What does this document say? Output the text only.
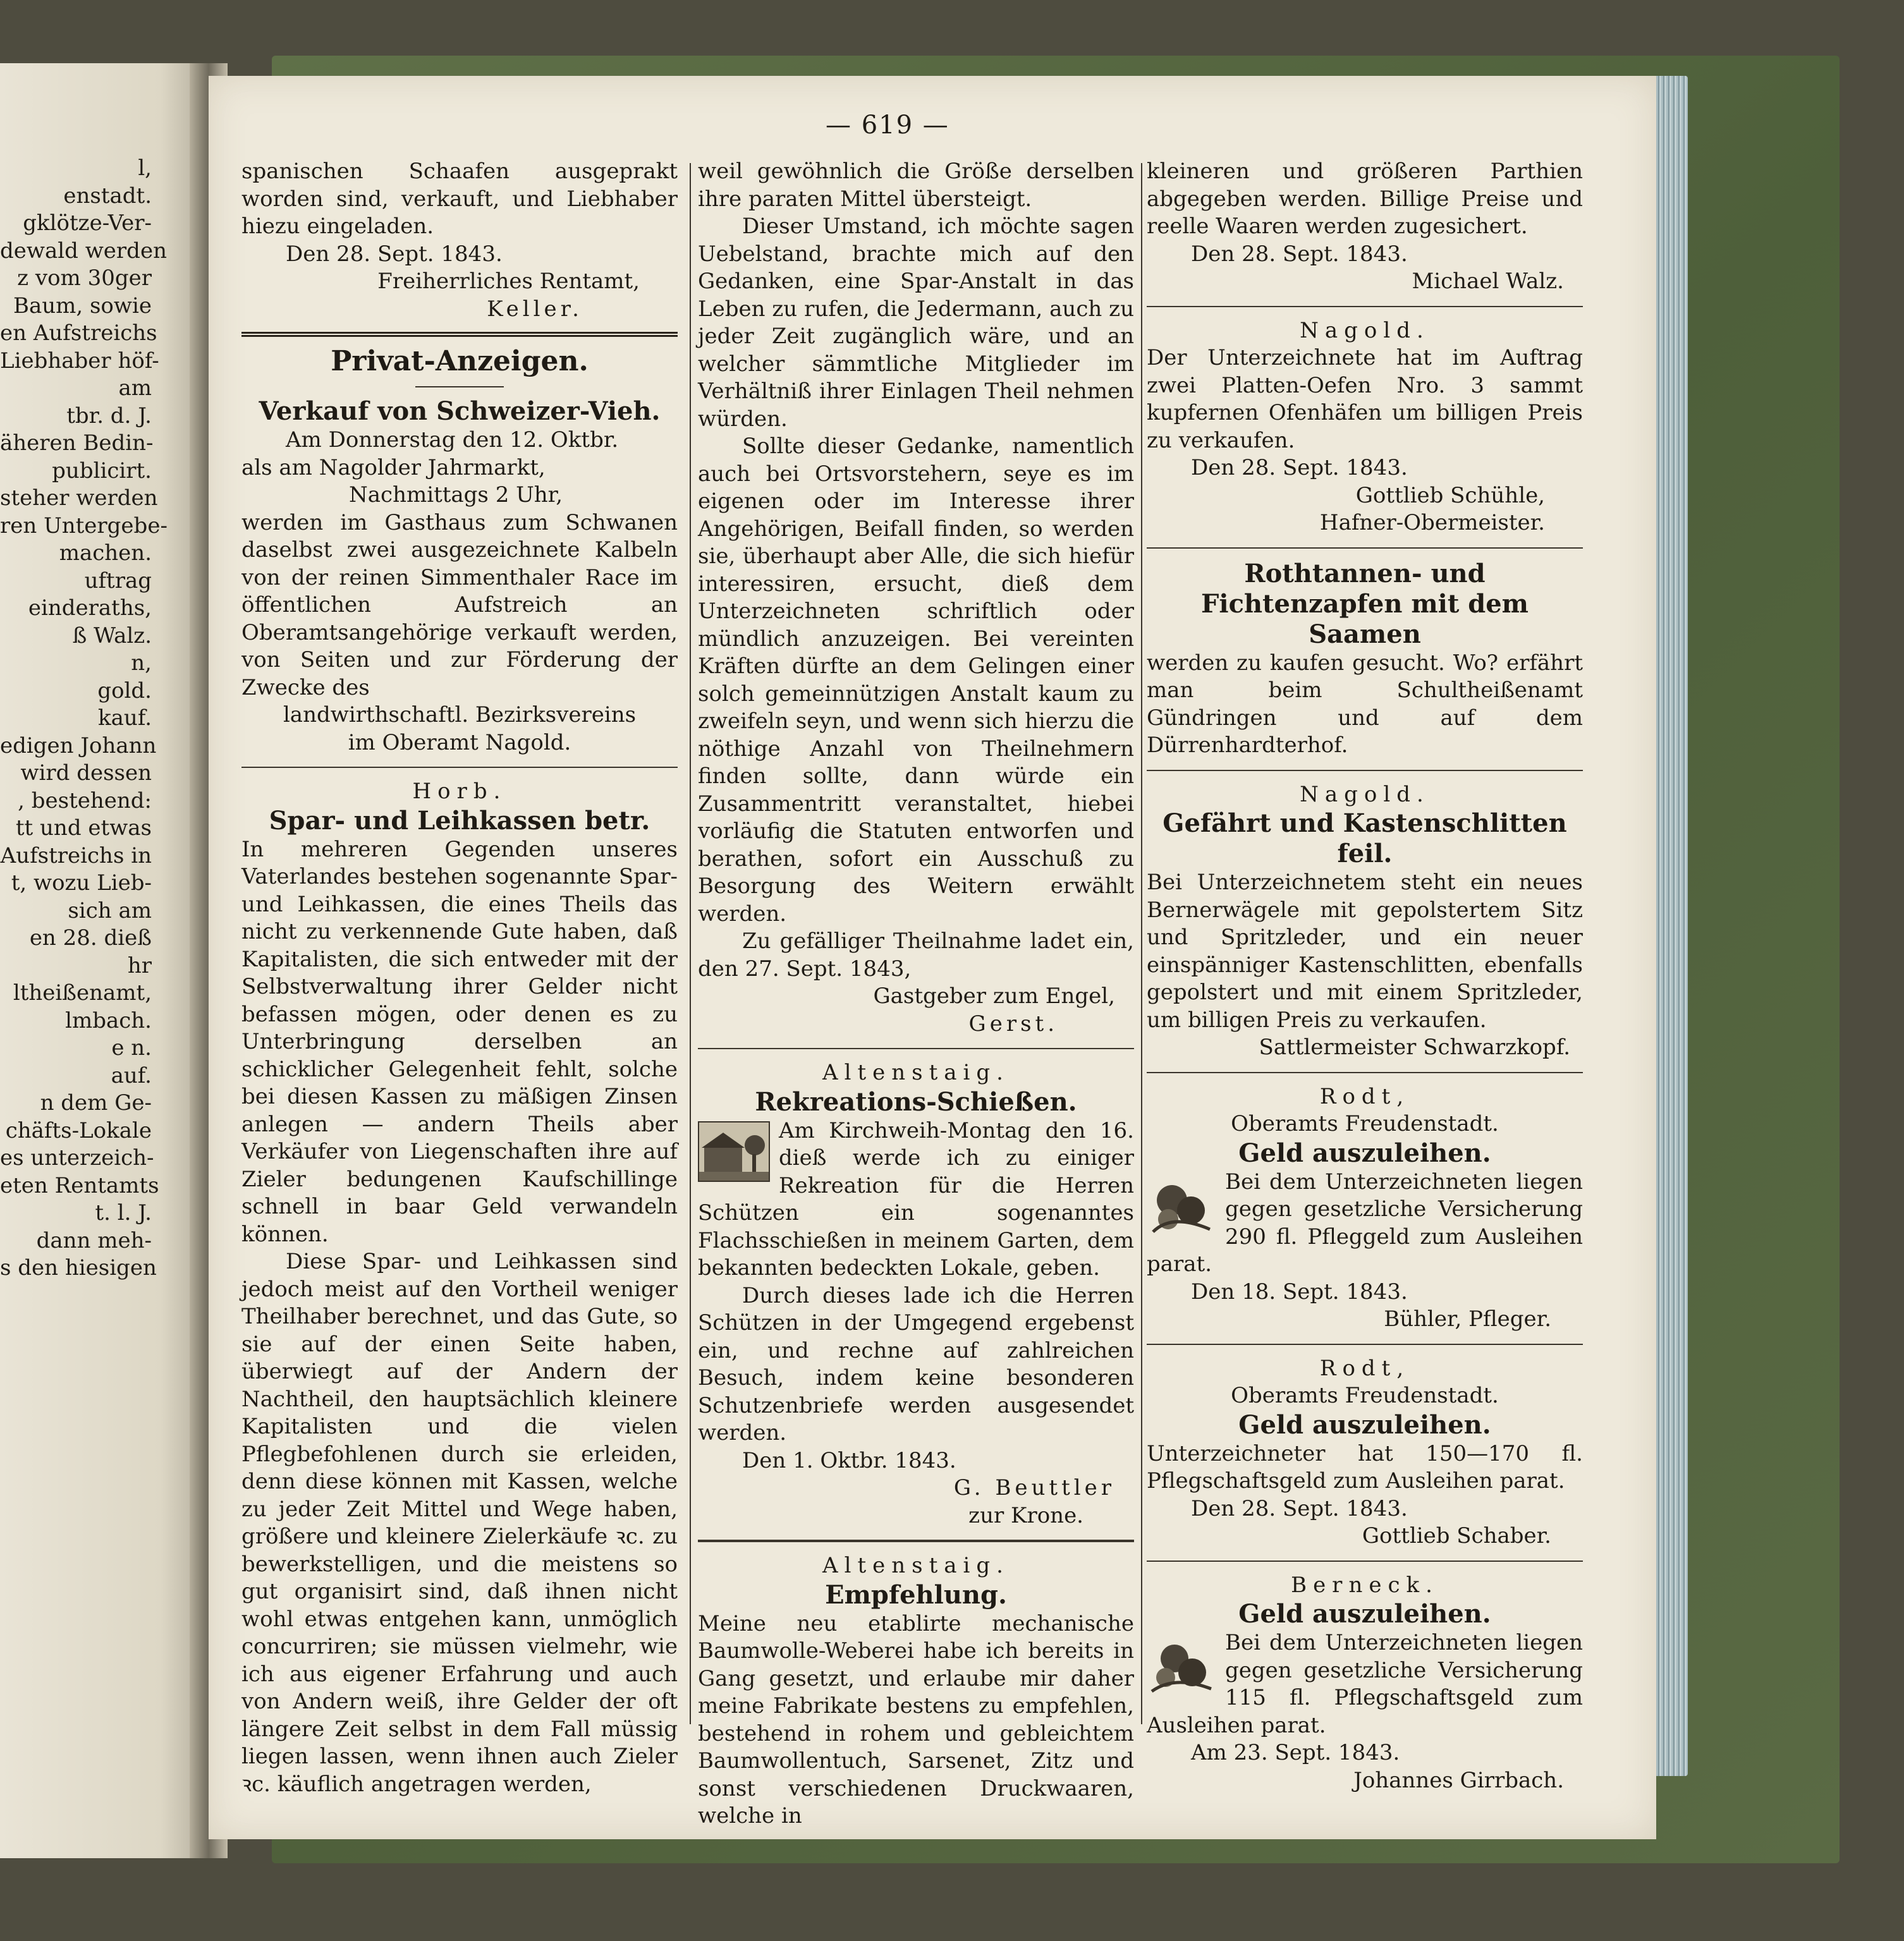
l,
enstadt.
gklötze-Ver-
dewald werden
z vom 30ger
Baum, sowie
en Aufstreichs
Liebhaber höf-
am
tbr. d. J.
äheren Bedin-
publicirt.
steher werden
ren Untergebe-
machen.
uftrag
einderaths,
ß Walz.
n,
gold.
kauf.
edigen Johann
wird dessen
, bestehend:
tt und etwas
Aufstreichs in
t, wozu Lieb-
sich am
en 28. dieß
hr
ltheißenamt,
lmbach.
e n.
auf.
n dem Ge-
chäfts-Lokale
es unterzeich-
eten Rentamts
t. l. J.
dann meh-
s den hiesigen
— 619 —

spanischen Schaafen ausgeprakt worden sind, verkauft, und Liebhaber hiezu eingeladen.

Den 28. Sept. 1843.

Freiherrliches Rentamt,

Keller.

Privat-Anzeigen.

Verkauf von Schweizer-Vieh.

Am Donnerstag den 12. Oktbr.

als am Nagolder Jahrmarkt,

Nachmittags 2 Uhr,

werden im Gasthaus zum Schwanen daselbst zwei ausgezeichnete Kalbeln von der reinen Simmenthaler Race im öffentlichen Aufstreich an Oberamtsangehörige verkauft werden, von Seiten und zur Förderung der Zwecke des

landwirthschaftl. Bezirksvereins

im Oberamt Nagold.

Horb.

Spar- und Leihkassen betr.

In mehreren Gegenden unseres Vaterlandes bestehen sogenannte Spar- und Leihkassen, die eines Theils das nicht zu verkennende Gute haben, daß Kapitalisten, die sich entweder mit der Selbstverwaltung ihrer Gelder nicht befassen mögen, oder denen es zu Unterbringung derselben an schicklicher Gelegenheit fehlt, solche bei diesen Kassen zu mäßigen Zinsen anlegen — andern Theils aber Verkäufer von Liegenschaften ihre auf Zieler bedungenen Kaufschillinge schnell in baar Geld verwandeln können.

Diese Spar- und Leihkassen sind jedoch meist auf den Vortheil weniger Theilhaber berechnet, und das Gute, so sie auf der einen Seite haben, überwiegt auf der Andern der Nachtheil, den hauptsächlich kleinere Kapitalisten und die vielen Pflegbefohlenen durch sie erleiden, denn diese können mit Kassen, welche zu jeder Zeit Mittel und Wege haben, größere und kleinere Zielerkäufe ꝛc. zu bewerkstelligen, und die meistens so gut organisirt sind, daß ihnen nicht wohl etwas entgehen kann, unmöglich concurriren; sie müssen vielmehr, wie ich aus eigener Erfahrung und auch von Andern weiß, ihre Gelder der oft längere Zeit selbst in dem Fall müssig liegen lassen, wenn ihnen auch Zieler ꝛc. käuflich angetragen werden,

weil gewöhnlich die Größe derselben ihre paraten Mittel übersteigt.

Dieser Umstand, ich möchte sagen Uebelstand, brachte mich auf den Gedanken, eine Spar-Anstalt in das Leben zu rufen, die Jedermann, auch zu jeder Zeit zugänglich wäre, und an welcher sämmtliche Mitglieder im Verhältniß ihrer Einlagen Theil nehmen würden.

Sollte dieser Gedanke, namentlich auch bei Ortsvorstehern, seye es im eigenen oder im Interesse ihrer Angehörigen, Beifall finden, so werden sie, überhaupt aber Alle, die sich hiefür interessiren, ersucht, dieß dem Unterzeichneten schriftlich oder mündlich anzuzeigen. Bei vereinten Kräften dürfte an dem Gelingen einer solch gemeinnützigen Anstalt kaum zu zweifeln seyn, und wenn sich hierzu die nöthige Anzahl von Theilnehmern finden sollte, dann würde ein Zusammentritt veranstaltet, hiebei vorläufig die Statuten entworfen und berathen, sofort ein Ausschuß zu Besorgung des Weitern erwählt werden.

Zu gefälliger Theilnahme ladet ein, den 27. Sept. 1843,

Gastgeber zum Engel,

Gerst.

Altenstaig.

Rekreations-Schießen.

Am Kirchweih-Montag den 16. dieß werde ich zu einiger Rekreation für die Herren Schützen ein sogenanntes Flachsschießen in meinem Garten, dem bekannten bedeckten Lokale, geben.

Durch dieses lade ich die Herren Schützen in der Umgegend ergebenst ein, und rechne auf zahlreichen Besuch, indem keine besonderen Schutzenbriefe werden ausgesendet werden.

Den 1. Oktbr. 1843.

G. Beuttler

zur Krone.

Altenstaig.

Empfehlung.

Meine neu etablirte mechanische Baumwolle-Weberei habe ich bereits in Gang gesetzt, und erlaube mir daher meine Fabrikate bestens zu empfehlen, bestehend in rohem und gebleichtem Baumwollentuch, Sarsenet, Zitz und sonst verschiedenen Druckwaaren, welche in

kleineren und größeren Parthien abgegeben werden. Billige Preise und reelle Waaren werden zugesichert.

Den 28. Sept. 1843.

Michael Walz.

Nagold.

Der Unterzeichnete hat im Auftrag zwei Platten-Oefen Nro. 3 sammt kupfernen Ofenhäfen um billigen Preis zu verkaufen.

Den 28. Sept. 1843.

Gottlieb Schühle,

Hafner-Obermeister.

Rothtannen- und Fichtenzapfen mit dem Saamen

werden zu kaufen gesucht. Wo? erfährt man beim Schultheißenamt Gündringen und auf dem Dürrenhardterhof.

Nagold.

Gefährt und Kastenschlitten feil.

Bei Unterzeichnetem steht ein neues Bernerwägele mit gepolstertem Sitz und Spritzleder, und ein neuer einspänniger Kastenschlitten, ebenfalls gepolstert und mit einem Spritzleder, um billigen Preis zu verkaufen.

Sattlermeister Schwarzkopf.

Rodt,

Oberamts Freudenstadt.

Geld auszuleihen.

Bei dem Unterzeichneten liegen gegen gesetzliche Versicherung 290 fl. Pfleggeld zum Ausleihen parat.

Den 18. Sept. 1843.

Bühler, Pfleger.

Rodt,

Oberamts Freudenstadt.

Geld auszuleihen.

Unterzeichneter hat 150—170 fl. Pflegschaftsgeld zum Ausleihen parat.

Den 28. Sept. 1843.

Gottlieb Schaber.

Berneck.

Geld auszuleihen.

Bei dem Unterzeichneten liegen gegen gesetzliche Versicherung 115 fl. Pflegschaftsgeld zum Ausleihen parat.

Am 23. Sept. 1843.

Johannes Girrbach.
